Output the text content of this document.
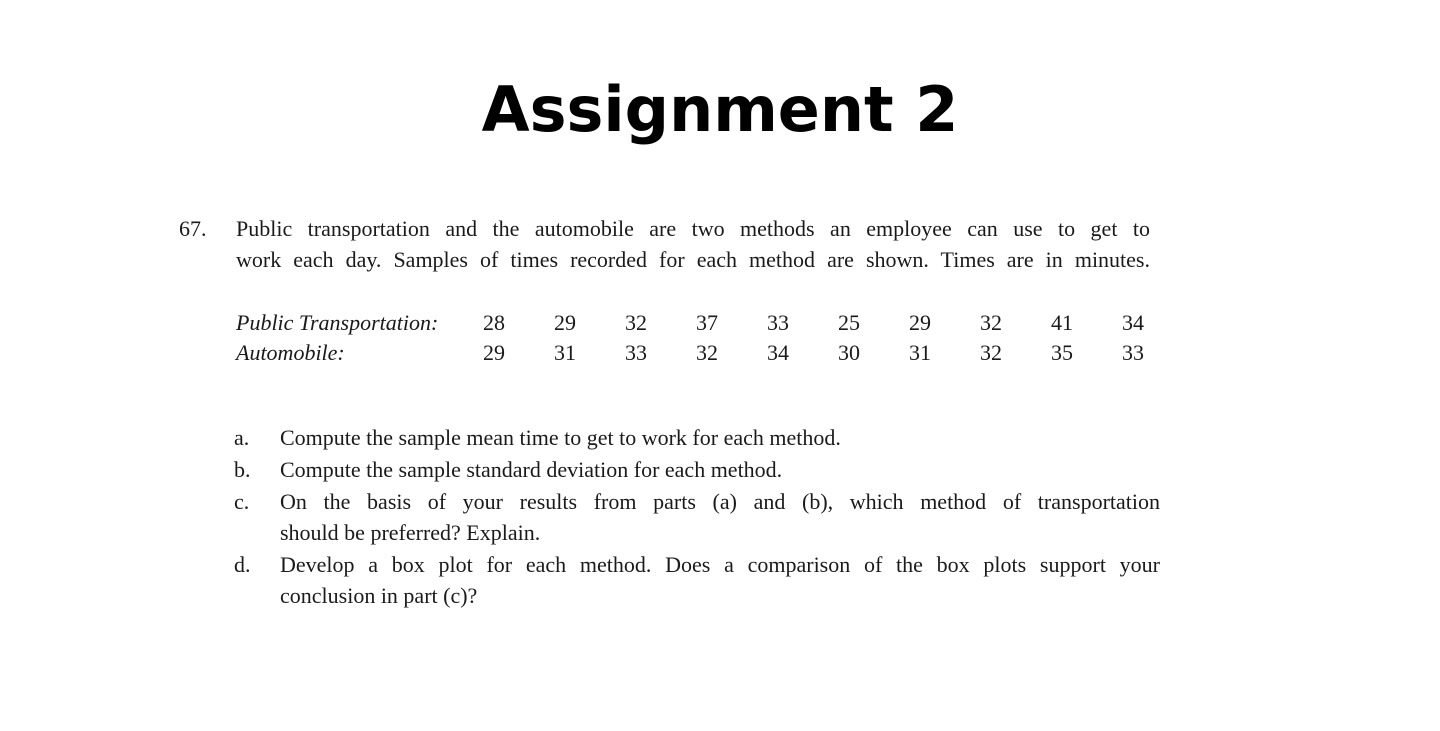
Assignment 2
67. Public transportation and the automobile are two methods an employee can use to get to
work each day. Samples of times recorded for each method are shown. Times are in minutes.

Public Transportation:	28	29	32	37	33	25	29	32	41	34
Automobile:	29	31	33	32	34	30	31	32	35	33
a. Compute the sample mean time to get to work for each method.
b. Compute the sample standard deviation for each method.
c. On the basis of your results from parts (a) and (b), which method of transportation
should be preferred? Explain.
d. Develop a box plot for each method. Does a comparison of the box plots support your
conclusion in part (c)?
